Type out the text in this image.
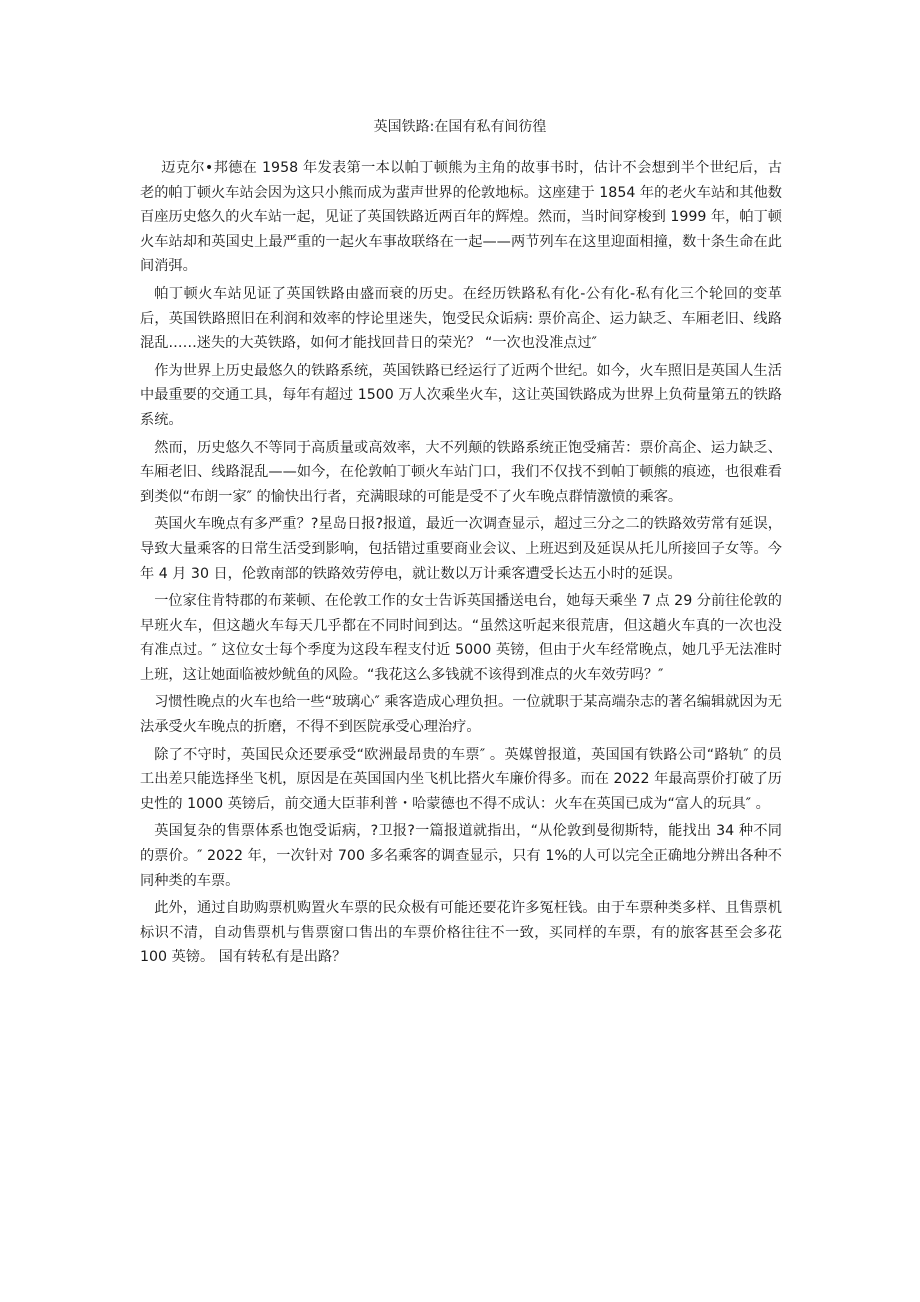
英国铁路:在国有私有间彷徨

迈克尔•邦德在 1958 年发表第一本以帕丁顿熊为主角的故事书时，估计不会想到半个世纪后，古老的帕丁顿火车站会因为这只小熊而成为蜚声世界的伦敦地标。这座建于 1854 年的老火车站和其他数百座历史悠久的火车站一起，见证了英国铁路近两百年的辉煌。然而，当时间穿梭到 1999 年，帕丁顿火车站却和英国史上最严重的一起火车事故联络在一起——两节列车在这里迎面相撞，数十条生命在此间消弭。

帕丁顿火车站见证了英国铁路由盛而衰的历史。在经历铁路私有化-公有化-私有化三个轮回的变革后，英国铁路照旧在利润和效率的悖论里迷失，饱受民众诟病: 票价高企、运力缺乏、车厢老旧、线路混乱……迷失的大英铁路，如何才能找回昔日的荣光？ “一次也没准点过″

作为世界上历史最悠久的铁路系统，英国铁路已经运行了近两个世纪。如今，火车照旧是英国人生活中最重要的交通工具，每年有超过 1500 万人次乘坐火车，这让英国铁路成为世界上负荷量第五的铁路系统。

然而，历史悠久不等同于高质量或高效率，大不列颠的铁路系统正饱受痛苦：票价高企、运力缺乏、车厢老旧、线路混乱——如今，在伦敦帕丁顿火车站门口，我们不仅找不到帕丁顿熊的痕迹，也很难看到类似“布朗一家″ 的愉快出行者，充满眼球的可能是受不了火车晚点群情激愤的乘客。

英国火车晚点有多严重？?星岛日报?报道，最近一次调查显示，超过三分之二的铁路效劳常有延误，导致大量乘客的日常生活受到影响，包括错过重要商业会议、上班迟到及延误从托儿所接回子女等。今年 4 月 30 日，伦敦南部的铁路效劳停电，就让数以万计乘客遭受长达五小时的延误。

一位家住肯特郡的布莱顿、在伦敦工作的女士告诉英国播送电台，她每天乘坐 7 点 29 分前往伦敦的早班火车，但这趟火车每天几乎都在不同时间到达。“虽然这听起来很荒唐，但这趟火车真的一次也没有准点过。″ 这位女士每个季度为这段车程支付近 5000 英镑，但由于火车经常晚点，她几乎无法准时上班，这让她面临被炒鱿鱼的风险。“我花这么多钱就不该得到准点的火车效劳吗？″

习惯性晚点的火车也给一些“玻璃心″ 乘客造成心理负担。一位就职于某高端杂志的著名编辑就因为无法承受火车晚点的折磨，不得不到医院承受心理治疗。

除了不守时，英国民众还要承受“欧洲最昂贵的车票″ 。英媒曾报道，英国国有铁路公司“路轨″ 的员工出差只能选择坐飞机，原因是在英国国内坐飞机比搭火车廉价得多。而在 2022 年最高票价打破了历史性的 1000 英镑后，前交通大臣菲利普・哈蒙德也不得不成认：火车在英国已成为“富人的玩具″ 。

英国复杂的售票体系也饱受诟病，?卫报?一篇报道就指出，“从伦敦到曼彻斯特，能找出 34 种不同的票价。″ 2022 年，一次针对 700 多名乘客的调查显示，只有 1%的人可以完全正确地分辨出各种不同种类的车票。

此外，通过自助购票机购置火车票的民众极有可能还要花许多冤枉钱。由于车票种类多样、且售票机标识不清，自动售票机与售票窗口售出的车票价格往往不一致，买同样的车票，有的旅客甚至会多花 100 英镑。 国有转私有是出路？
